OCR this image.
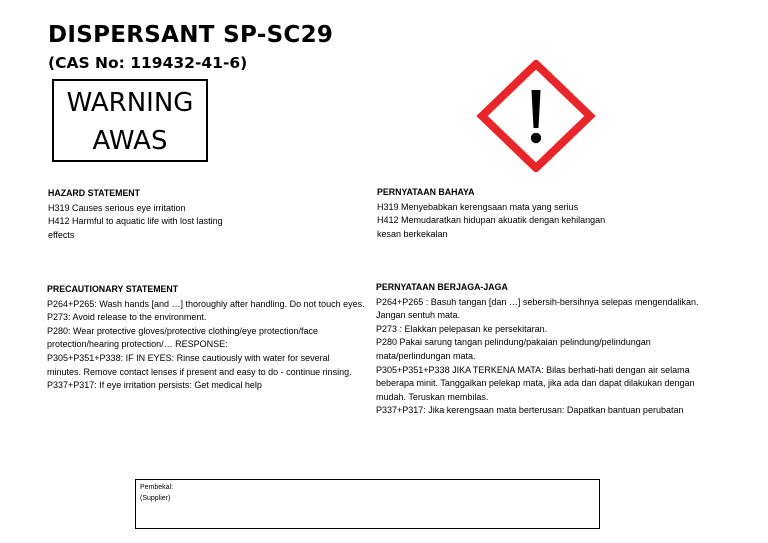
DISPERSANT SP-SC29
(CAS No: 119432-41-6)
WARNING
AWAS
HAZARD STATEMENT

H319 Causes serious eye irritation

H412 Harmful to aquatic life with lost lasting effects

PERNYATAAN BAHAYA

H319 Menyebabkan kerengsaan mata yang serius

H412 Memudaratkan hidupan akuatik dengan kehilangan kesan berkekalan

PRECAUTIONARY STATEMENT

P264+P265: Wash hands [and …] thoroughly after handling. Do not touch eyes.

P273: Avoid release to the environment.

P280: Wear protective gloves/protective clothing/eye protection/face protection/hearing protection/… RESPONSE:

P305+P351+P338: IF IN EYES: Rinse cautiously with water for several minutes. Remove contact lenses if present and easy to do - continue rinsing.

P337+P317: If eye irritation persists: Get medical help

PERNYATAAN BERJAGA-JAGA

P264+P265 : Basuh tangan [dan …] sebersih-bersihnya selepas mengendalikan. Jangan sentuh mata.

P273 : Elakkan pelepasan ke persekitaran.

P280 Pakai sarung tangan pelindung/pakaian pelindung/pelindungan mata/perlindungan mata.

P305+P351+P338 JIKA TERKENA MATA: Bilas berhati-hati dengan air selama beberapa minit. Tanggalkan pelekap mata, jika ada dan dapat dilakukan dengan mudah. Teruskan membilas.

P337+P317: Jika kerengsaan mata berterusan: Dapatkan bantuan perubatan

Pembekal:
(Supplier)
